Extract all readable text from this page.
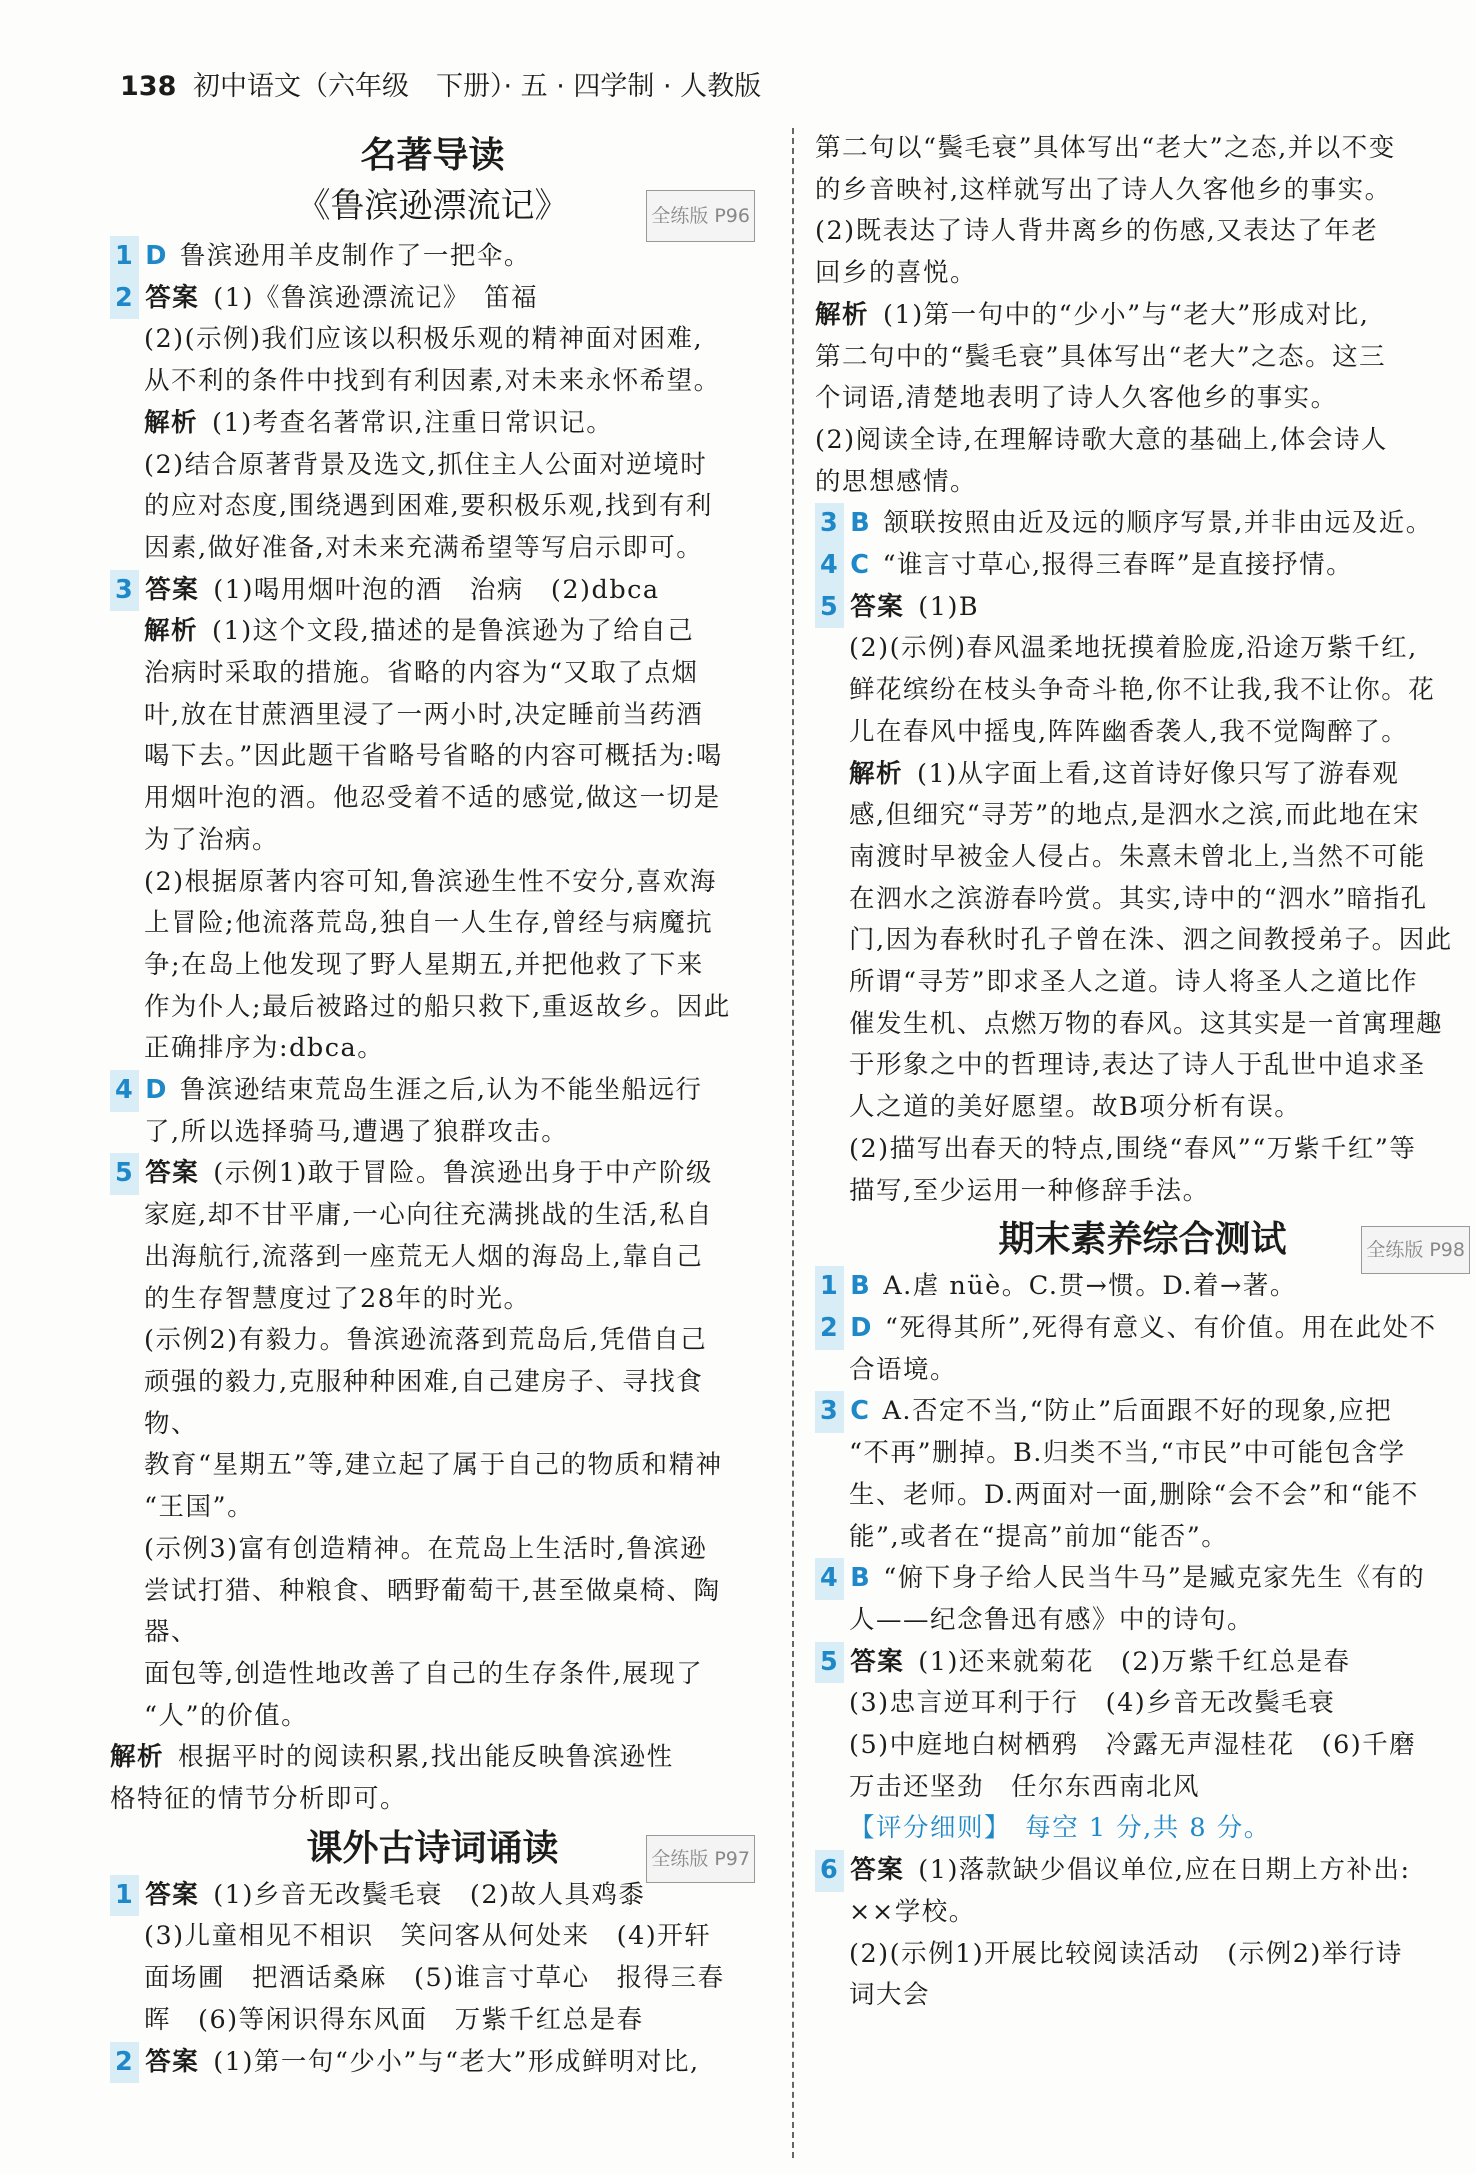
138 初中语文（六年级　下册）· 五 · 四学制 · 人教版
名著导读
《鲁滨逊漂流记》	全练版 P96

1 D 鲁滨逊用羊皮制作了一把伞。

2 答案 (1)《鲁滨逊漂流记》　笛福

(2)(示例)我们应该以积极乐观的精神面对困难,

从不利的条件中找到有利因素,对未来永怀希望。

解析 (1)考查名著常识,注重日常识记。

(2)结合原著背景及选文,抓住主人公面对逆境时

的应对态度,围绕遇到困难,要积极乐观,找到有利

因素,做好准备,对未来充满希望等写启示即可。

3 答案 (1)喝用烟叶泡的酒　治病　(2)dbca

解析 (1)这个文段,描述的是鲁滨逊为了给自己

治病时采取的措施。省略的内容为“又取了点烟

叶,放在甘蔗酒里浸了一两小时,决定睡前当药酒

喝下去。”因此题干省略号省略的内容可概括为:喝

用烟叶泡的酒。他忍受着不适的感觉,做这一切是

为了治病。

(2)根据原著内容可知,鲁滨逊生性不安分,喜欢海

上冒险;他流落荒岛,独自一人生存,曾经与病魔抗

争;在岛上他发现了野人星期五,并把他救了下来

作为仆人;最后被路过的船只救下,重返故乡。因此

正确排序为:dbca。

4 D 鲁滨逊结束荒岛生涯之后,认为不能坐船远行

了,所以选择骑马,遭遇了狼群攻击。

5 答案 (示例1)敢于冒险。鲁滨逊出身于中产阶级

家庭,却不甘平庸,一心向往充满挑战的生活,私自

出海航行,流落到一座荒无人烟的海岛上,靠自己

的生存智慧度过了28年的时光。

(示例2)有毅力。鲁滨逊流落到荒岛后,凭借自己

顽强的毅力,克服种种困难,自己建房子、寻找食物、

教育“星期五”等,建立起了属于自己的物质和精神

“王国”。

(示例3)富有创造精神。在荒岛上生活时,鲁滨逊

尝试打猎、种粮食、晒野葡萄干,甚至做桌椅、陶器、

面包等,创造性地改善了自己的生存条件,展现了

“人”的价值。

解析 根据平时的阅读积累,找出能反映鲁滨逊性

格特征的情节分析即可。

课外古诗词诵读	全练版 P97

1 答案 (1)乡音无改鬓毛衰　(2)故人具鸡黍

(3)儿童相见不相识　笑问客从何处来　(4)开轩

面场圃　把酒话桑麻　(5)谁言寸草心　报得三春

晖　(6)等闲识得东风面　万紫千红总是春

2 答案 (1)第一句“少小”与“老大”形成鲜明对比,

第二句以“鬓毛衰”具体写出“老大”之态,并以不变

的乡音映衬,这样就写出了诗人久客他乡的事实。

(2)既表达了诗人背井离乡的伤感,又表达了年老

回乡的喜悦。

解析 (1)第一句中的“少小”与“老大”形成对比,

第二句中的“鬓毛衰”具体写出“老大”之态。这三

个词语,清楚地表明了诗人久客他乡的事实。

(2)阅读全诗,在理解诗歌大意的基础上,体会诗人

的思想感情。

3 B 颔联按照由近及远的顺序写景,并非由远及近。

4 C “谁言寸草心,报得三春晖”是直接抒情。

5 答案 (1)B

(2)(示例)春风温柔地抚摸着脸庞,沿途万紫千红,

鲜花缤纷在枝头争奇斗艳,你不让我,我不让你。花

儿在春风中摇曳,阵阵幽香袭人,我不觉陶醉了。

解析 (1)从字面上看,这首诗好像只写了游春观

感,但细究“寻芳”的地点,是泗水之滨,而此地在宋

南渡时早被金人侵占。朱熹未曾北上,当然不可能

在泗水之滨游春吟赏。其实,诗中的“泗水”暗指孔

门,因为春秋时孔子曾在洙、泗之间教授弟子。因此

所谓“寻芳”即求圣人之道。诗人将圣人之道比作

催发生机、点燃万物的春风。这其实是一首寓理趣

于形象之中的哲理诗,表达了诗人于乱世中追求圣

人之道的美好愿望。故B项分析有误。

(2)描写出春天的特点,围绕“春风”“万紫千红”等

描写,至少运用一种修辞手法。

期末素养综合测试	全练版 P98

1 B A.虐 nüè。C.贯→惯。D.着→著。

2 D “死得其所”,死得有意义、有价值。用在此处不

合语境。

3 C A.否定不当,“防止”后面跟不好的现象,应把

“不再”删掉。B.归类不当,“市民”中可能包含学

生、老师。D.两面对一面,删除“会不会”和“能不

能”,或者在“提高”前加“能否”。

4 B “俯下身子给人民当牛马”是臧克家先生《有的

人——纪念鲁迅有感》中的诗句。

5 答案 (1)还来就菊花　(2)万紫千红总是春

(3)忠言逆耳利于行　(4)乡音无改鬓毛衰

(5)中庭地白树栖鸦　冷露无声湿桂花　(6)千磨

万击还坚劲　任尔东西南北风

【评分细则】　每空 1 分,共 8 分。

6 答案 (1)落款缺少倡议单位,应在日期上方补出:

××学校。

(2)(示例1)开展比较阅读活动　(示例2)举行诗

词大会
